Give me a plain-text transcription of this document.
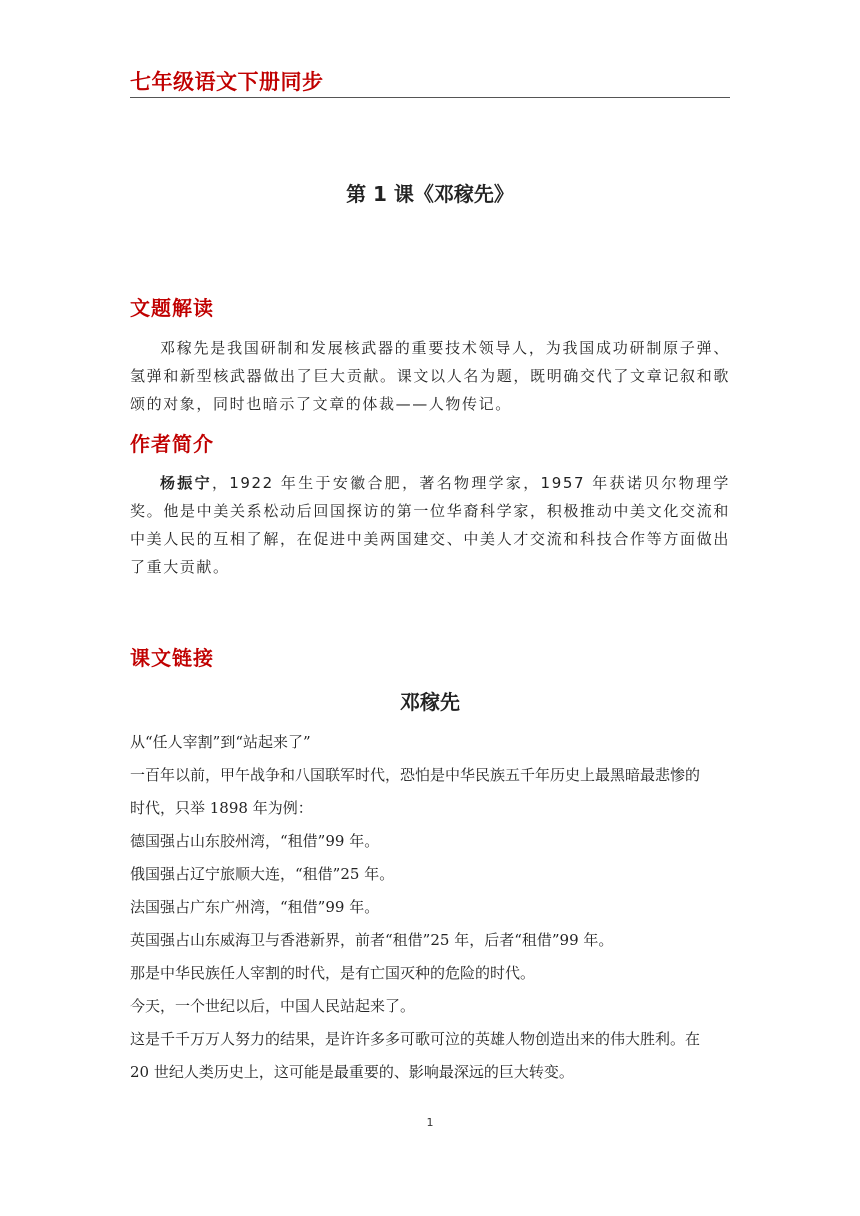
七年级语文下册同步
第 1 课《邓稼先》
文题解读
邓稼先是我国研制和发展核武器的重要技术领导人，为我国成功研制原子弹、氢弹和新型核武器做出了巨大贡献。课文以人名为题，既明确交代了文章记叙和歌颂的对象，同时也暗示了文章的体裁——人物传记。
作者简介
杨振宁，1922 年生于安徽合肥，著名物理学家，1957 年获诺贝尔物理学奖。他是中美关系松动后回国探访的第一位华裔科学家，积极推动中美文化交流和中美人民的互相了解，在促进中美两国建交、中美人才交流和科技合作等方面做出了重大贡献。
课文链接
邓稼先

从“任人宰割”到“站起来了”

一百年以前，甲午战争和八国联军时代，恐怕是中华民族五千年历史上最黑暗最悲惨的

时代，只举 1898 年为例：

德国强占山东胶州湾，“租借”99 年。

俄国强占辽宁旅顺大连，“租借”25 年。

法国强占广东广州湾，“租借”99 年。

英国强占山东威海卫与香港新界，前者“租借”25 年，后者“租借”99 年。

那是中华民族任人宰割的时代，是有亡国灭种的危险的时代。

今天，一个世纪以后，中国人民站起来了。

这是千千万万人努力的结果，是许许多多可歌可泣的英雄人物创造出来的伟大胜利。在

20 世纪人类历史上，这可能是最重要的、影响最深远的巨大转变。

1
